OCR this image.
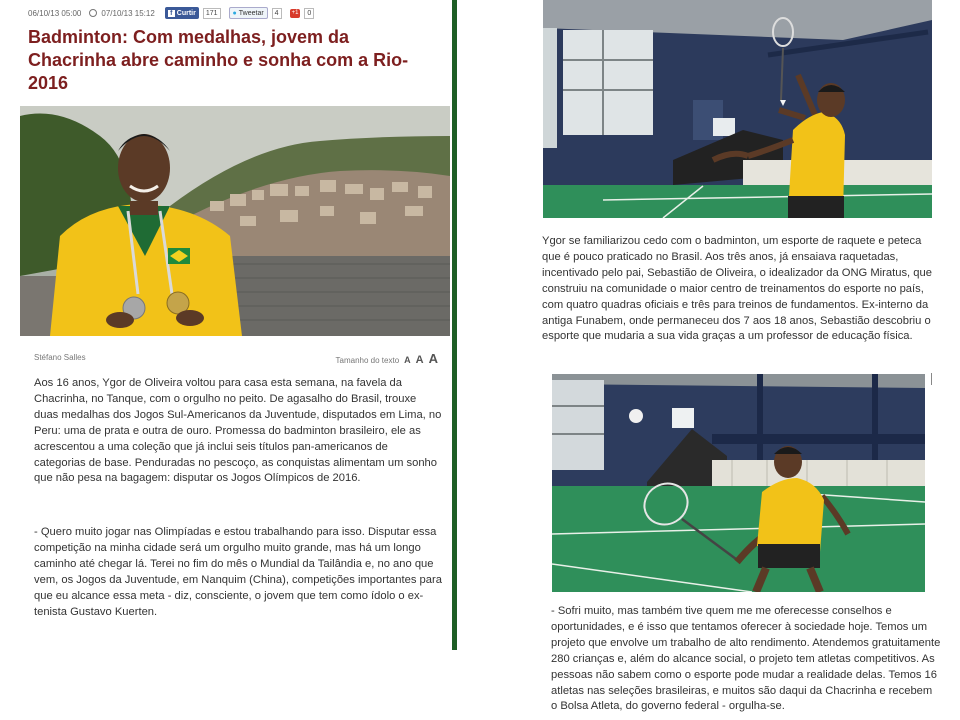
06/10/13 05:00	07/10/13 15:12	f Curtir	171	● Tweetar	4	+1	0
Badminton: Com medalhas, jovem da Chacrinha abre caminho e sonha com a Rio-2016
Stéfano Salles	Tamanho do texto A A A

Aos 16 anos, Ygor de Oliveira voltou para casa esta semana, na favela da Chacrinha, no Tanque, com o orgulho no peito. De agasalho do Brasil, trouxe duas medalhas dos Jogos Sul-Americanos da Juventude, disputados em Lima, no Peru: uma de prata e outra de ouro. Promessa do badminton brasileiro, ele as acrescentou a uma coleção que já inclui seis títulos pan-americanos de categorias de base. Penduradas no pescoço, as conquistas alimentam um sonho que não pesa na bagagem: disputar os Jogos Olímpicos de 2016.

- Quero muito jogar nas Olimpíadas e estou trabalhando para isso. Disputar essa competição na minha cidade será um orgulho muito grande, mas há um longo caminho até chegar lá. Terei no fim do mês o Mundial da Tailândia e, no ano que vem, os Jogos da Juventude, em Nanquim (China), competições importantes para que eu alcance essa meta - diz, consciente, o jovem que tem como ídolo o ex-tenista Gustavo Kuerten.

Ygor se familiarizou cedo com o badminton, um esporte de raquete e peteca que é pouco praticado no Brasil. Aos três anos, já ensaiava raquetadas, incentivado pelo pai, Sebastião de Oliveira, o idealizador da ONG Miratus, que construiu na comunidade o maior centro de treinamentos do esporte no país, com quatro quadras oficiais e três para treinos de fundamentos. Ex-interno da antiga Funabem, onde permaneceu dos 7 aos 18 anos, Sebastião descobriu o esporte que mudaria a sua vida graças a um professor de educação física.

- Sofri muito, mas também tive quem me me oferecesse conselhos e oportunidades, e é isso que tentamos oferecer à sociedade hoje. Temos um projeto que envolve um trabalho de alto rendimento. Atendemos gratuitamente 280 crianças e, além do alcance social, o projeto tem atletas competitivos. As pessoas não sabem como o esporte pode mudar a realidade delas. Temos 16 atletas nas seleções brasileiras, e muitos são daqui da Chacrinha e recebem o Bolsa Atleta, do governo federal - orgulha-se.
